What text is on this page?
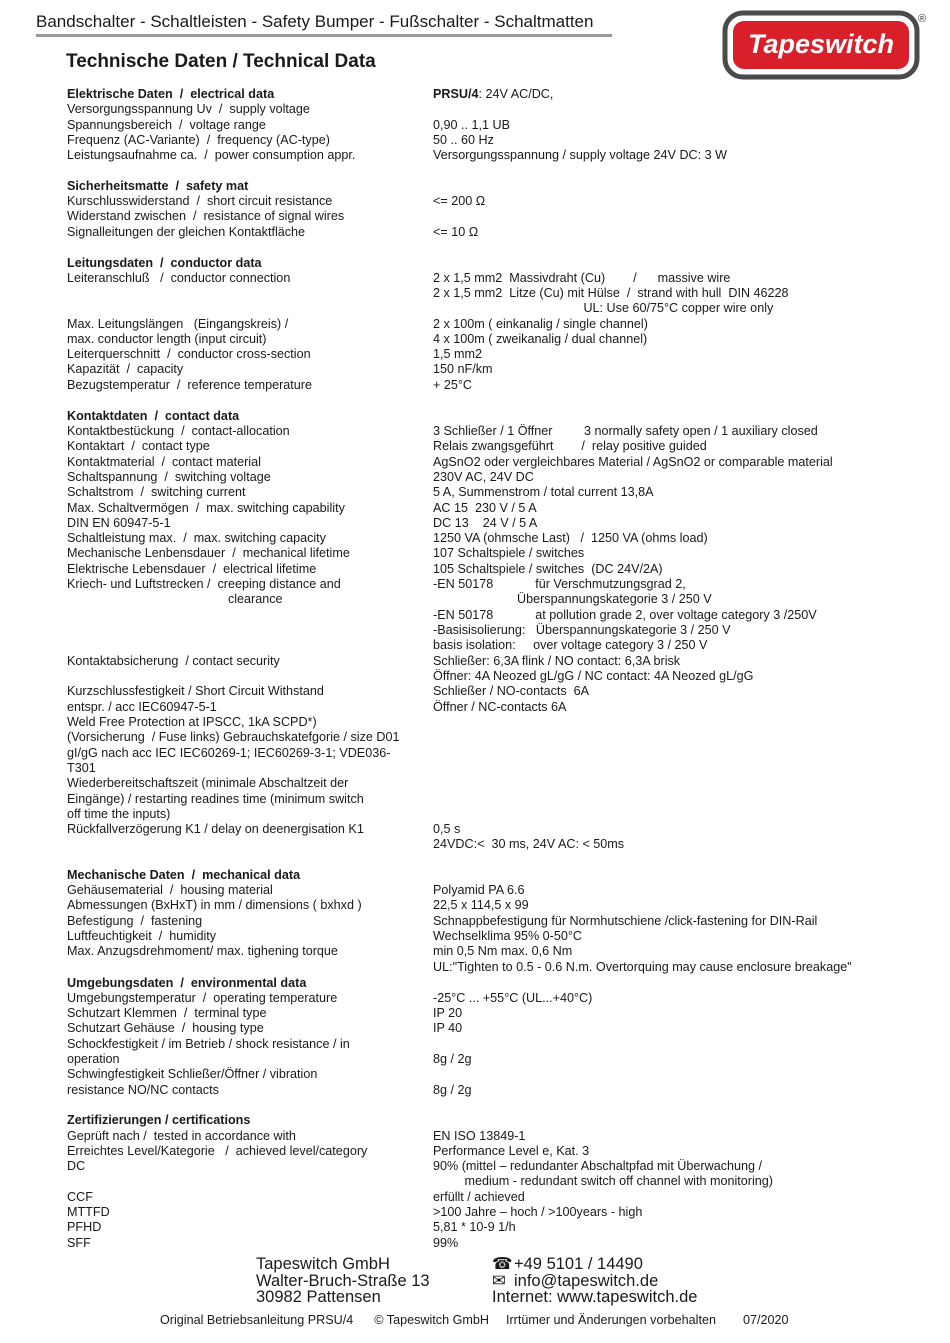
Bandschalter - Schaltleisten - Safety Bumper - Fußschalter - Schaltmatten
Tapeswitch
®
Technische Daten / Technical Data
Elektrische Daten  /  electrical data	PRSU/4: 24V AC/DC,
Versorgungsspannung Uv  /  supply voltage
Spannungsbereich  /  voltage range	0,90 .. 1,1 UB
Frequenz (AC-Variante)  /  frequency (AC-type)	50 .. 60 Hz
Leistungsaufnahme ca.  /  power consumption appr.	Versorgungsspannung / supply voltage 24V DC: 3 W
Sicherheitsmatte  /  safety mat
Kurschlusswiderstand  /  short circuit resistance	<= 200 Ω
Widerstand zwischen  /  resistance of signal wires
Signalleitungen der gleichen Kontaktfläche	<= 10 Ω
Leitungsdaten  /  conductor data
Leiteranschluß   /  conductor connection	2 x 1,5 mm2  Massivdraht (Cu)        /      massive wire
2 x 1,5 mm2  Litze (Cu) mit Hülse  /  strand with hull  DIN 46228
UL: Use 60/75°C copper wire only
Max. Leitungslängen   (Eingangskreis) /	2 x 100m ( einkanalig / single channel)
max. conductor length (input circuit)	4 x 100m ( zweikanalig / dual channel)
Leiterquerschnitt  /  conductor cross-section	1,5 mm2
Kapazität  /  capacity	150 nF/km
Bezugstemperatur  /  reference temperature	+ 25°C
Kontaktdaten  /  contact data
Kontaktbestückung  /  contact-allocation	3 Schließer / 1 Öffner         3 normally safety open / 1 auxiliary closed
Kontaktart  /  contact type	Relais zwangsgeführt        /  relay positive guided
Kontaktmaterial  /  contact material	AgSnO2 oder vergleichbares Material / AgSnO2 or comparable material
Schaltspannung  /  switching voltage	230V AC, 24V DC
Schaltstrom  /  switching current	5 A, Summenstrom / total current 13,8A
Max. Schaltvermögen  /  max. switching capability	AC 15  230 V / 5 A
DIN EN 60947-5-1	DC 13    24 V / 5 A
Schaltleistung max.  /  max. switching capacity	1250 VA (ohmsche Last)   /  1250 VA (ohms load)
Mechanische Lenbensdauer  /  mechanical lifetime	107 Schaltspiele / switches
Elektrische Lebensdauer  /  electrical lifetime	105 Schaltspiele / switches  (DC 24V/2A)
Kriech- und Luftstrecken /  creeping distance and	-EN 50178            für Verschmutzungsgrad 2,
clearance	Überspannungskategorie 3 / 250 V
-EN 50178            at pollution grade 2, over voltage category 3 /250V
-Basisisolierung:   Überspannungskategorie 3 / 250 V
basis isolation:     over voltage category 3 / 250 V
Kontaktabsicherung  / contact security	Schließer: 6,3A flink / NO contact: 6,3A brisk
Öffner: 4A Neozed gL/gG / NC contact: 4A Neozed gL/gG
Kurzschlussfestigkeit / Short Circuit Withstand	Schließer / NO-contacts  6A
entspr. / acc IEC60947-5-1	Öffner / NC-contacts 6A
Weld Free Protection at IPSCC, 1kA SCPD*)
(Vorsicherung  / Fuse links) Gebrauchskatefgorie / size D01
gI/gG nach acc IEC IEC60269-1; IEC60269-3-1; VDE036-
T301
Wiederbereitschaftszeit (minimale Abschaltzeit der
Eingänge) / restarting readines time (minimum switch
off time the inputs)
Rückfallverzögerung K1 / delay on deenergisation K1	0,5 s
24VDC:<  30 ms, 24V AC: < 50ms
Mechanische Daten  /  mechanical data
Gehäusematerial  /  housing material	Polyamid PA 6.6
Abmessungen (BxHxT) in mm / dimensions ( bxhxd )	22,5 x 114,5 x 99
Befestigung  /  fastening	Schnappbefestigung für Normhutschiene /click-fastening for DIN-Rail
Luftfeuchtigkeit  /  humidity	Wechselklima 95% 0-50°C
Max. Anzugsdrehmoment/ max. tighening torque	min 0,5 Nm max. 0,6 Nm
UL:"Tighten to 0.5 - 0.6 N.m. Overtorquing may cause enclosure breakage"
Umgebungsdaten  /  environmental data
Umgebungstemperatur  /  operating temperature	-25°C ... +55°C (UL...+40°C)
Schutzart Klemmen  /  terminal type	IP 20
Schutzart Gehäuse  /  housing type	IP 40
Schockfestigkeit / im Betrieb / shock resistance / in
operation	8g / 2g
Schwingfestigkeit Schließer/Öffner / vibration
resistance NO/NC contacts	8g / 2g
Zertifizierungen / certifications
Geprüft nach /  tested in accordance with	EN ISO 13849-1
Erreichtes Level/Kategorie   /  achieved level/category	Performance Level e, Kat. 3
DC	90% (mittel – redundanter Abschaltpfad mit Überwachung /
medium - redundant switch off channel with monitoring)
CCF	erfüllt / achieved
MTTFD	>100 Jahre – hoch / >100years - high
PFHD	5,81 * 10-9 1/h
SFF	99%
Tapeswitch GmbH
Walter-Bruch-Straße 13
30982 Pattensen
☎+49 5101 / 14490
✉ info@tapeswitch.de
Internet: www.tapeswitch.de
Original Betriebsanleitung PRSU/4 © Tapeswitch GmbH Irrtümer und Änderungen vorbehalten 07/2020
